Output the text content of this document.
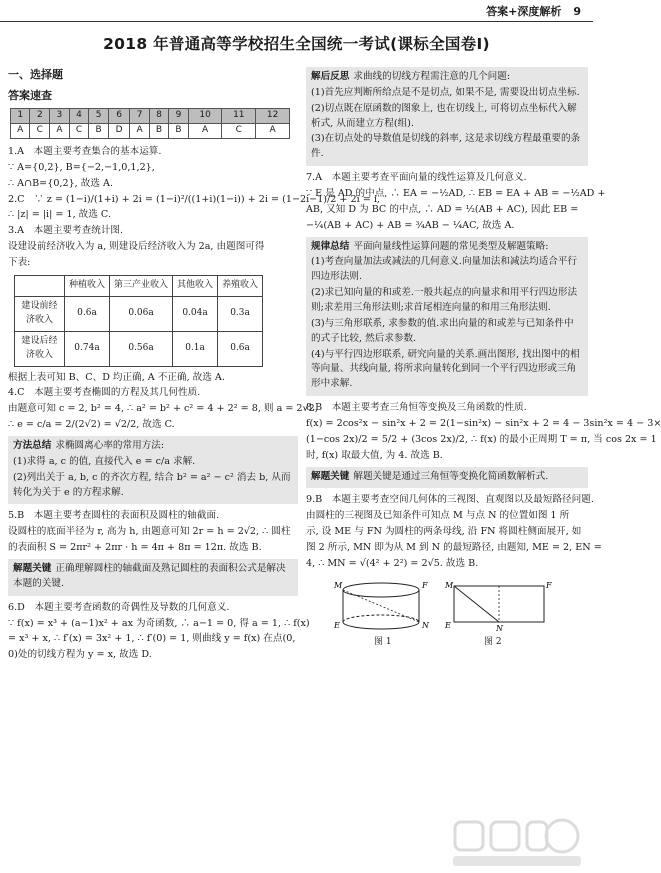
答案+深度解析 9
2018 年普通高等学校招生全国统一考试(课标全国卷Ⅰ)
一、选择题
答案速查
1	2	3	4	5	6	7	8	9	10	11	12
A	C	A	C	B	D	A	B	B	A	C	A
1.A　本题主要考查集合的基本运算.
∵ A={0,2}, B={−2,−1,0,1,2},
∴ A∩B={0,2}, 故选 A.
2.C　∵ z = (1−i)/(1+i) + 2i = (1−i)²/((1+i)(1−i)) + 2i = (1−2i−1)/2 + 2i = i,
∴ |z| = |i| = 1, 故选 C.
3.A　本题主要考查统计图.
设建设前经济收入为 a, 则建设后经济收入为 2a, 由题图可得
下表:
	种植收入	第三产业收入	其他收入	养殖收入
建设前经济收入	0.6a	0.06a	0.04a	0.3a
建设后经济收入	0.74a	0.56a	0.1a	0.6a
根据上表可知 B、C、D 均正确, A 不正确, 故选 A.
4.C　本题主要考查椭圆的方程及其几何性质.
由题意可知 c = 2, b² = 4, ∴ a² = b² + c² = 4 + 2² = 8, 则 a = 2√2,
∴ e = c/a = 2/(2√2) = √2/2, 故选 C.
方法总结 求椭圆离心率的常用方法:
(1)求得 a, c 的值, 直接代入 e = c/a 求解.
(2)列出关于 a, b, c 的齐次方程, 结合 b² = a² − c² 消去 b, 从而转化为关于 e 的方程求解.
5.B　本题主要考查圆柱的表面积及圆柱的轴截面.
设圆柱的底面半径为 r, 高为 h, 由题意可知 2r = h = 2√2, ∴ 圆柱
的表面积 S = 2πr² + 2πr · h = 4π + 8π = 12π. 故选 B.
解题关键 正确理解圆柱的轴截面及熟记圆柱的表面积公式是解决本题的关键.
6.D　本题主要考查函数的奇偶性及导数的几何意义.
∵ f(x) = x³ + (a−1)x² + ax 为奇函数, ∴ a−1 = 0, 得 a = 1, ∴ f(x)
= x³ + x, ∴ f′(x) = 3x² + 1, ∴ f′(0) = 1, 则曲线 y = f(x) 在点(0,
0)处的切线方程为 y = x, 故选 D.
解后反思 求曲线的切线方程需注意的几个问题:
(1)首先应判断所给点是不是切点, 如果不是, 需要设出切点坐标.
(2)切点既在原函数的图象上, 也在切线上, 可将切点坐标代入解析式, 从而建立方程(组).
(3)在切点处的导数值是切线的斜率, 这是求切线方程最重要的条件.
7.A　本题主要考查平面向量的线性运算及几何意义.
∵ E 是 AD 的中点, ∴ EA = −½AD, ∴ EB = EA + AB = −½AD +
AB, 又知 D 为 BC 的中点, ∴ AD = ½(AB + AC), 因此 EB =
−¼(AB + AC) + AB = ¾AB − ¼AC, 故选 A.
规律总结 平面向量线性运算问题的常见类型及解题策略:
(1)考查向量加法或减法的几何意义.向量加法和减法均适合平行四边形法则.
(2)求已知向量的和或差.一般共起点的向量求和用平行四边形法则;求差用三角形法则;求首尾相连向量的和用三角形法则.
(3)与三角形联系, 求参数的值.求出向量的和或差与已知条件中的式子比较, 然后求参数.
(4)与平行四边形联系, 研究向量的关系.画出图形, 找出图中的相等向量、共线向量, 将所求向量转化到同一个平行四边形或三角形中求解.
8.B　本题主要考查三角恒等变换及三角函数的性质.
f(x) = 2cos²x − sin²x + 2 = 2(1−sin²x) − sin²x + 2 = 4 − 3sin²x = 4 − 3×
(1−cos 2x)/2 = 5/2 + (3cos 2x)/2, ∴ f(x) 的最小正周期 T = π, 当 cos 2x = 1
时, f(x) 取最大值, 为 4. 故选 B.
解题关键 解题关键是通过三角恒等变换化简函数解析式.
9.B　本题主要考查空间几何体的三视图、直观图以及最短路径问题.
由圆柱的三视图及已知条件可知点 M 与点 N 的位置如图 1 所
示, 设 ME 与 FN 为圆柱的两条母线, 沿 FN 将圆柱侧面展开, 如
图 2 所示, MN 即为从 M 到 N 的最短路径, 由题知, ME = 2, EN =
4, ∴ MN = √(4² + 2²) = 2√5. 故选 B.
M
N
E
F M
N
E
F
图 1	图 2
